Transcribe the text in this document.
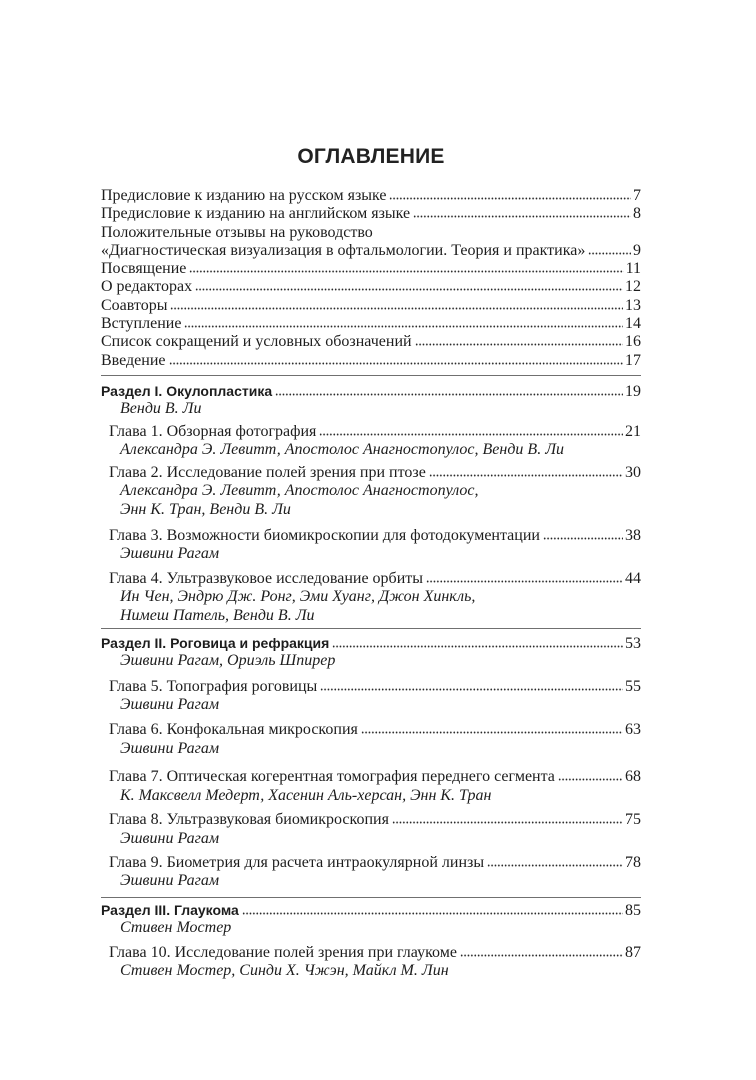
ОГЛАВЛЕНИЕ
Предисловие к изданию на русском языке	7
Предисловие к изданию на английском языке	8
Положительные отзывы на руководство
«Диагностическая визуализация в офтальмологии. Теория и практика»	9
Посвящение	11
О редакторах	12
Соавторы	13
Вступление	14
Список сокращений и условных обозначений	16
Введение	17
Раздел I. Окулопластика	19
Венди В. Ли
Глава 1. Обзорная фотография	21
Александра Э. Левитт, Апостолос Анагностопулос, Венди В. Ли
Глава 2. Исследование полей зрения при птозе	30
Александра Э. Левитт, Апостолос Анагностопулос,
Энн К. Тран, Венди В. Ли
Глава 3. Возможности биомикроскопии для фотодокументации	38
Эшвини Рагам
Глава 4. Ультразвуковое исследование орбиты	44
Ин Чен, Эндрю Дж. Ронг, Эми Хуанг, Джон Хинкль,
Нимеш Патель, Венди В. Ли
Раздел II. Роговица и рефракция	53
Эшвини Рагам, Ориэль Шпирер
Глава 5. Топография роговицы	55
Эшвини Рагам
Глава 6. Конфокальная микроскопия	63
Эшвини Рагам
Глава 7. Оптическая когерентная томография переднего сегмента	68
К. Максвелл Медерт, Хасенин Аль-херсан, Энн К. Тран
Глава 8. Ультразвуковая биомикроскопия	75
Эшвини Рагам
Глава 9. Биометрия для расчета интраокулярной линзы	78
Эшвини Рагам
Раздел III. Глаукома	85
Стивен Мостер
Глава 10. Исследование полей зрения при глаукоме	87
Стивен Мостер, Синди Х. Чжэн, Майкл М. Лин
